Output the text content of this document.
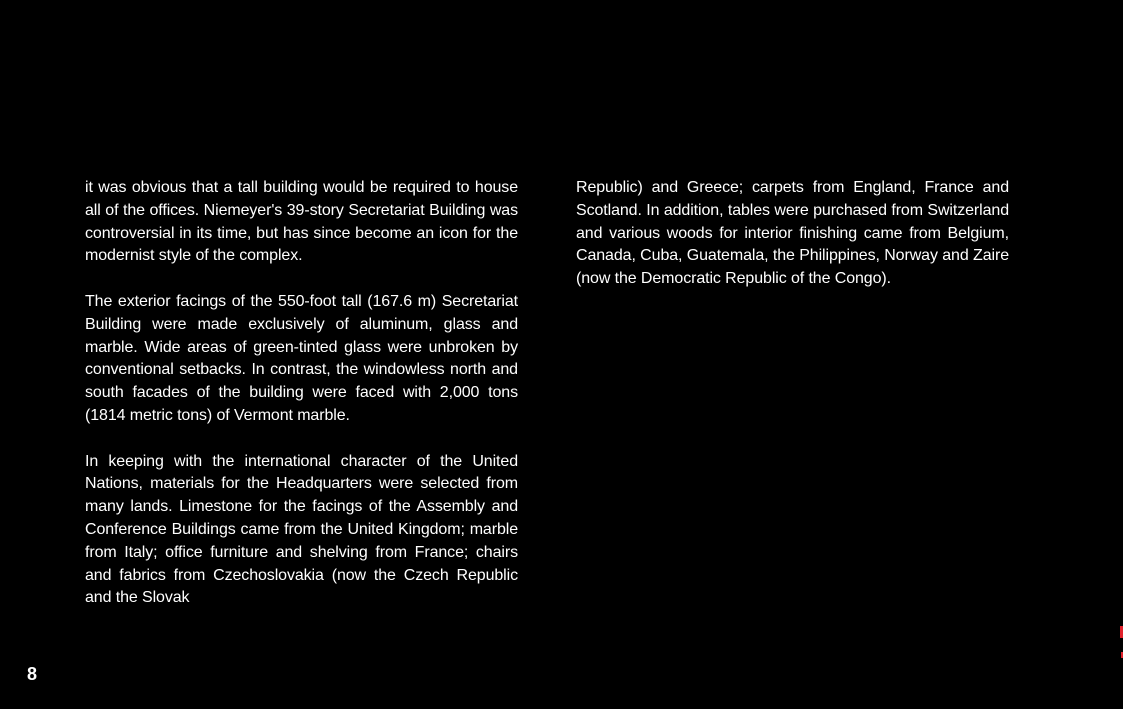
it was obvious that a tall building would be required to house all of the offices. Niemeyer's 39-story Secretariat Building was controversial in its time, but has since become an icon for the modernist style of the complex.

The exterior facings of the 550-foot tall (167.6 m) Secretariat Building were made exclusively of aluminum, glass and marble. Wide areas of green-tinted glass were unbroken by conventional setbacks. In contrast, the windowless north and south facades of the building were faced with 2,000 tons (1814 metric tons) of Vermont marble.

In keeping with the international character of the United Nations, materials for the Headquarters were selected from many lands. Limestone for the facings of the Assembly and Conference Buildings came from the United Kingdom; marble from Italy; office furniture and shelving from France; chairs and fabrics from Czechoslovakia (now the Czech Republic and the Slovak

Republic) and Greece; carpets from England, France and Scotland. In addition, tables were purchased from Switzerland and various woods for interior finishing came from Belgium, Canada, Cuba, Guatemala, the Philippines, Norway and Zaire (now the Democratic Republic of the Congo).

8
